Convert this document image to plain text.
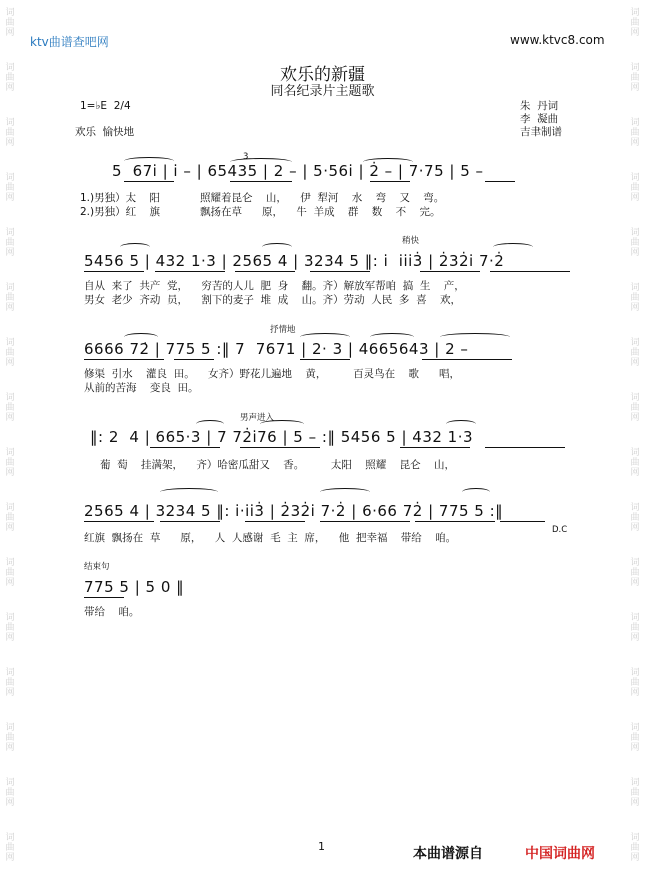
词
曲
网
词
曲
网
词
曲
网
词
曲
网
词
曲
网
词
曲
网
词
曲
网
词
曲
网
词
曲
网
词
曲
网
词
曲
网
词
曲
网
词
曲
网
词
曲
网
词
曲
网
词
曲
网
词
曲
网
词
曲
网
词
曲
网
词
曲
网
词
曲
网
词
曲
网
词
曲
网
词
曲
网
词
曲
网
词
曲
网
词
曲
网
词
曲
网
词
曲
网
词
曲
网
词
曲
网
词
曲
网
ktv曲谱查吧网	www.ktvc8.com
欢乐的新疆
同名纪录片主题歌
1=♭E  2/4
欢乐  愉快地
朱  丹词
李  凝曲
吉聿制谱
3
5  67i̇ | i̇ – | 65435 | 2 – | 5·56i̇ | 2̇ – | 7·75 | 5 –
1.)男独）太    阳            照耀着昆仑    山，    伊  犁河    水    弯    又    弯。
2.)男独）红    旗            飘扬在草      原，    牛  羊成    群    数    不    完。
稍快
5456 5 | 432 1·3 | 2565 4 | 3234 5 ‖: i̇  i̇i̇i̇3̇ | 2̇32̇i̇ 7·2̇
自从  来了  共产  党，    穷苦的人儿  肥  身    翻。齐）解放军帮咱  搞  生    产，
男女  老少  齐动  员，    割下的麦子  堆  成    山。齐）劳动  人民  多  喜    欢，
抒情地
6666 72̇ | 775 5 :‖ 7  7671 | 2· 3 | 4665643 | 2 –
修渠  引水    灌良  田。    女齐）野花儿遍地    黄，        百灵鸟在    歌      唱，
从前的苦海    变良  田。
男声进入
‖: 2  4 | 665·3 | 7 72̇i̇76 | 5 – :‖ 5456 5 | 432 1·3
葡  萄    挂满架，    齐）哈密瓜甜又    香。        太阳    照耀    昆仑    山，
2565 4 | 3234 5 ‖: i̇·i̇i̇3̇ | 2̇32̇i̇ 7·2̇ | 6·66 72̇ | 775 5 :‖
D.C
红旗  飘扬在  草      原，    人  人感谢  毛  主  席，    他  把幸福    带给    咱。
结束句
775 5 | 5 0 ‖
带给    咱。
1	本曲谱源自	中国词曲网
